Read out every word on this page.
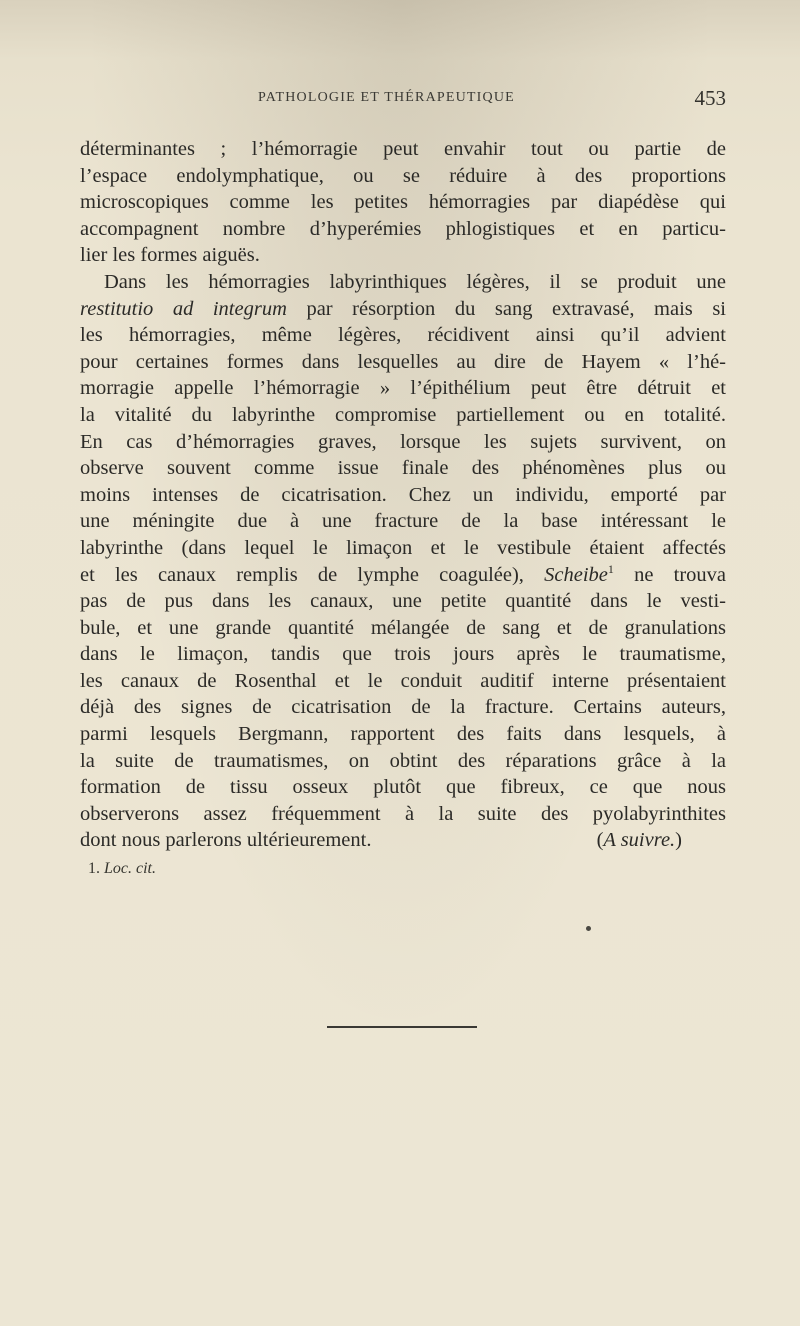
PATHOLOGIE ET THÉRAPEUTIQUE	453
déterminantes ; l’hémorragie peut envahir tout ou partie de
l’espace endolymphatique, ou se réduire à des proportions
microscopiques comme les petites hémorragies par diapédèse qui
accompagnent nombre d’hyperémies phlogistiques et en particu-
lier les formes aiguës.
Dans les hémorragies labyrinthiques légères, il se produit une
restitutio ad integrum par résorption du sang extravasé, mais si
les hémorragies, même légères, récidivent ainsi qu’il advient
pour certaines formes dans lesquelles au dire de Hayem « l’hé-
morragie appelle l’hémorragie » l’épithélium peut être détruit et
la vitalité du labyrinthe compromise partiellement ou en totalité.
En cas d’hémorragies graves, lorsque les sujets survivent, on
observe souvent comme issue finale des phénomènes plus ou
moins intenses de cicatrisation. Chez un individu, emporté par
une méningite due à une fracture de la base intéressant le
labyrinthe (dans lequel le limaçon et le vestibule étaient affectés
et les canaux remplis de lymphe coagulée), Scheibe$^1$ ne trouva
pas de pus dans les canaux, une petite quantité dans le vesti-
bule, et une grande quantité mélangée de sang et de granulations
dans le limaçon, tandis que trois jours après le traumatisme,
les canaux de Rosenthal et le conduit auditif interne présentaient
déjà des signes de cicatrisation de la fracture. Certains auteurs,
parmi lesquels Bergmann, rapportent des faits dans lesquels, à
la suite de traumatismes, on obtint des réparations grâce à la
formation de tissu osseux plutôt que fibreux, ce que nous
observerons assez fréquemment à la suite des pyolabyrinthites
dont nous parlerons ultérieurement.	(A suivre.)
1. Loc. cit.
